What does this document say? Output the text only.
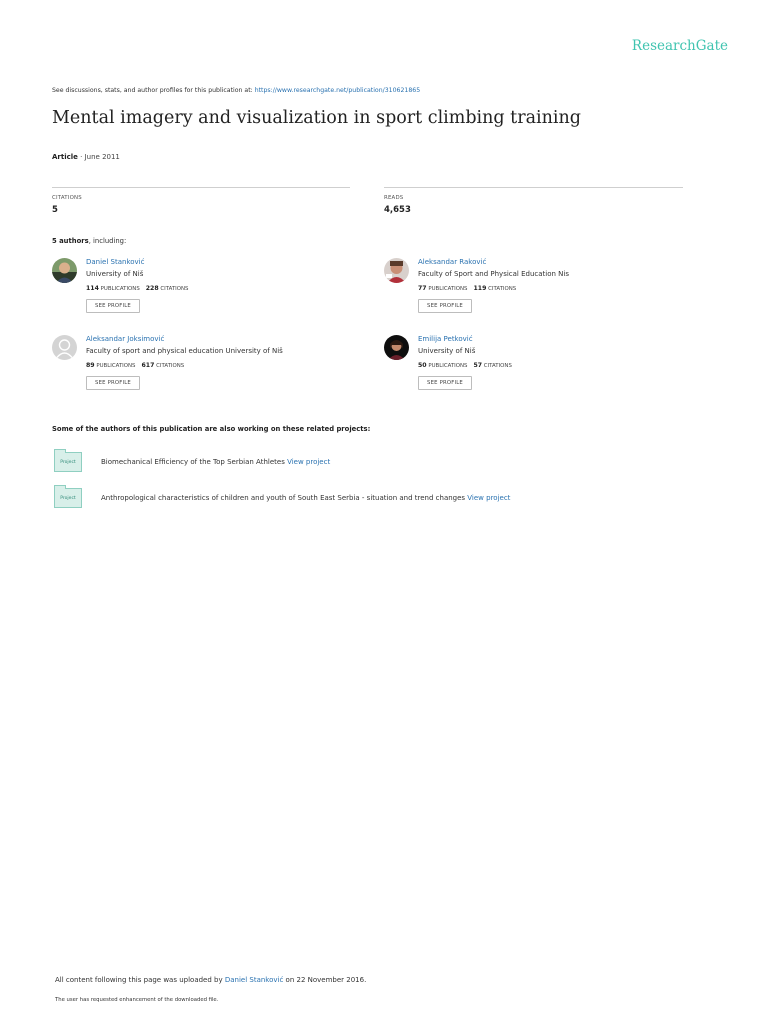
ResearchGate
See discussions, stats, and author profiles for this publication at: https://www.researchgate.net/publication/310621865
Mental imagery and visualization in sport climbing training
Article · June 2011
CITATIONS
5
READS
4,653
5 authors, including:
Daniel Stanković
University of Niš
114 PUBLICATIONS 228 CITATIONS
SEE PROFILE
Aleksandar Raković
Faculty of Sport and Physical Education Nis
77 PUBLICATIONS 119 CITATIONS
SEE PROFILE
Aleksandar Joksimović
Faculty of sport and physical education University of Niš
89 PUBLICATIONS 617 CITATIONS
SEE PROFILE
Emilija Petković
University of Niš
50 PUBLICATIONS 57 CITATIONS
SEE PROFILE
Some of the authors of this publication are also working on these related projects:
Project	Biomechanical Efficiency of the Top Serbian Athletes View project
Project	Anthropological characteristics of children and youth of South East Serbia - situation and trend changes View project
All content following this page was uploaded by Daniel Stanković on 22 November 2016.
The user has requested enhancement of the downloaded file.
